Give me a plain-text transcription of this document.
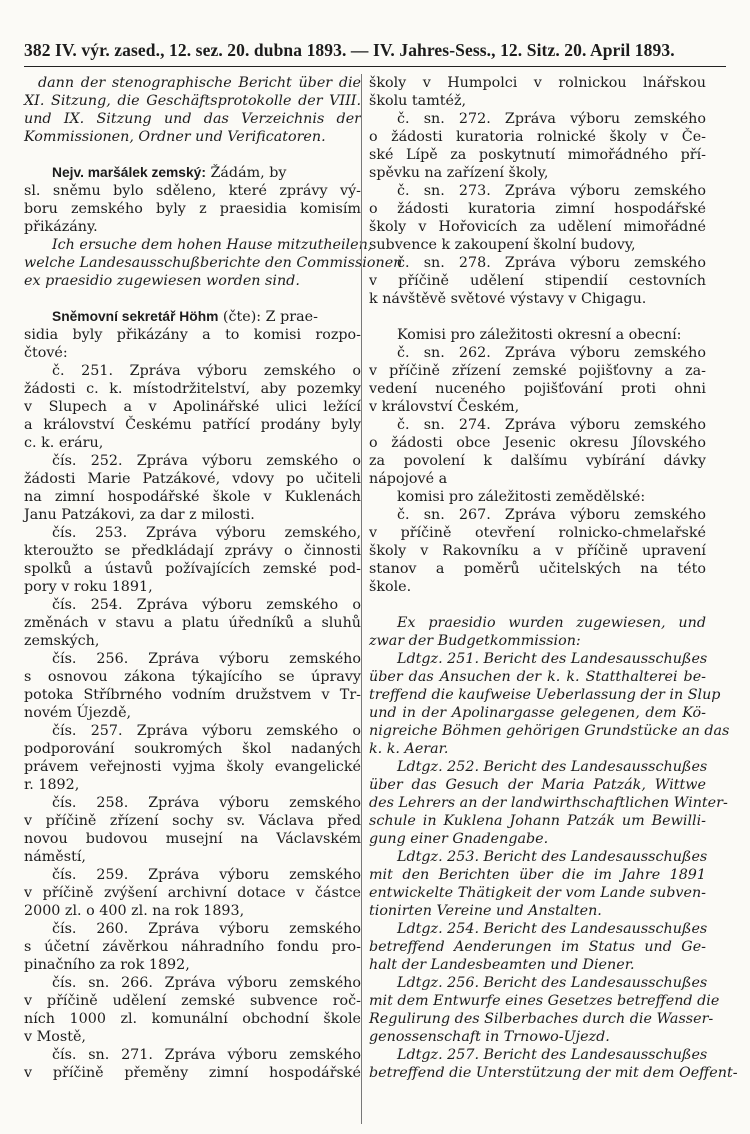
382 IV. výr. zased., 12. sez. 20. dubna 1893. — IV. Jahres-Sess., 12. Sitz. 20. April 1893.
dann der stenographische Bericht über die
XI. Sitzung, die Geschäftsprotokolle der VIII.
und IX. Sitzung und das Verzeichnis der
Kommissionen, Ordner und Verificatoren.
Nejv. maršálek zemský: Žádám, by
sl. sněmu bylo sděleno, které zprávy vý-
boru zemského byly z praesidia komisím
přikázány.
Ich ersuche dem hohen Hause mitzutheilen,
welche Landesausschußberichte den Commissionen
ex praesidio zugewiesen worden sind.
Sněmovní sekretář Höhm (čte): Z prae-
sidia byly přikázány a to komisi rozpo-
čtové:
č. 251. Zpráva výboru zemského o
žádosti c. k. místodržitelství, aby pozemky
v Slupech a v Apolinářské ulici ležící
a království Českému patřící prodány byly
c. k. eráru,
čís. 252. Zpráva výboru zemského o
žádosti Marie Patzákové, vdovy po učiteli
na zimní hospodářské škole v Kuklenách
Janu Patzákovi, za dar z milosti.
čís. 253. Zpráva výboru zemského,
kteroužto se předkládají zprávy o činnosti
spolků a ústavů požívajících zemské pod-
pory v roku 1891,
čís. 254. Zpráva výboru zemského o
změnách v stavu a platu úředníků a sluhů
zemských,
čís. 256. Zpráva výboru zemského
s osnovou zákona týkajícího se úpravy
potoka Stříbrného vodním družstvem v Tr-
novém Újezdě,
čís. 257. Zpráva výboru zemského o
podporování soukromých škol nadaných
právem veřejnosti vyjma školy evangelické
r. 1892,
čís. 258. Zpráva výboru zemského
v příčině zřízení sochy sv. Václava před
novou budovou musejní na Václavském
náměstí,
čís. 259. Zpráva výboru zemského
v příčině zvýšení archivní dotace v částce
2000 zl. o 400 zl. na rok 1893,
čís. 260. Zpráva výboru zemského
s účetní závěrkou náhradního fondu pro-
pinačního za rok 1892,
čís. sn. 266. Zpráva výboru zemského
v příčině udělení zemské subvence roč-
ních 1000 zl. komunální obchodní škole
v Mostě,
čís. sn. 271. Zpráva výboru zemského
v příčině přeměny zimní hospodářské
školy v Humpolci v rolnickou lnářskou
školu tamtéž,
č. sn. 272. Zpráva výboru zemského
o žádosti kuratoria rolnické školy v Če-
ské Lípě za poskytnutí mimořádného pří-
spěvku na zařízení školy,
č. sn. 273. Zpráva výboru zemského
o žádosti kuratoria zimní hospodářské
školy v Hořovicích za udělení mimořádné
subvence k zakoupení školní budovy,
č. sn. 278. Zpráva výboru zemského
v příčině udělení stipendií cestovních
k návštěvě světové výstavy v Chigagu.
Komisi pro záležitosti okresní a obecní:
č. sn. 262. Zpráva výboru zemského
v příčině zřízení zemské pojišťovny a za-
vedení nuceného pojišťování proti ohni
v království Českém,
č. sn. 274. Zpráva výboru zemského
o žádosti obce Jesenic okresu Jílovského
za povolení k dalšímu vybírání dávky
nápojové a
komisi pro záležitosti zemědělské:
č. sn. 267. Zpráva výboru zemského
v příčině otevření rolnicko-chmelařské
školy v Rakovníku a v příčině upravení
stanov a poměrů učitelských na této
škole.
Ex praesidio wurden zugewiesen, und
zwar der Budgetkommission:
Ldtgz. 251. Bericht des Landesausschußes
über das Ansuchen der k. k. Statthalterei be-
treffend die kaufweise Ueberlassung der in Slup
und in der Apolinargasse gelegenen, dem Kö-
nigreiche Böhmen gehörigen Grundstücke an das
k. k. Aerar.
Ldtgz. 252. Bericht des Landesausschußes
über das Gesuch der Maria Patzák, Wittwe
des Lehrers an der landwirthschaftlichen Winter-
schule in Kuklena Johann Patzák um Bewilli-
gung einer Gnadengabe.
Ldtgz. 253. Bericht des Landesausschußes
mit den Berichten über die im Jahre 1891
entwickelte Thätigkeit der vom Lande subven-
tionirten Vereine und Anstalten.
Ldtgz. 254. Bericht des Landesausschußes
betreffend Aenderungen im Status und Ge-
halt der Landesbeamten und Diener.
Ldtgz. 256. Bericht des Landesausschußes
mit dem Entwurfe eines Gesetzes betreffend die
Regulirung des Silberbaches durch die Wasser-
genossenschaft in Trnowo-Ujezd.
Ldtgz. 257. Bericht des Landesausschußes
betreffend die Unterstützung der mit dem Oeffent-
